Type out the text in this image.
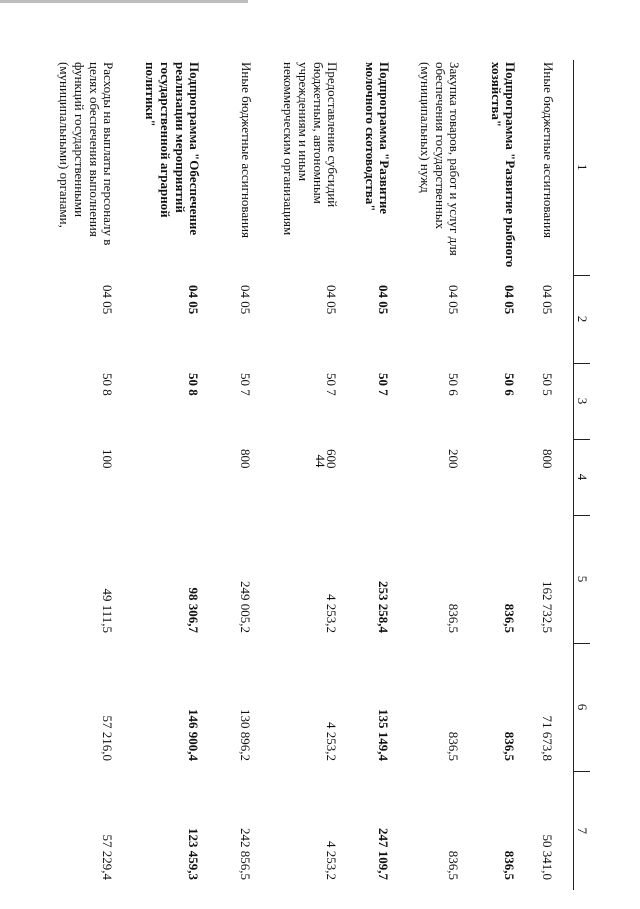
44
1	2	3	4	5	6	7
Иные бюджетные ассигнования	04 05	50 5	800	162 732,5	71 673,8	50 341,0
Подпрограмма "Развитие рыбного хозяйства"	04 05	50 6		836,5	836,5	836,5
Закупка товаров, работ и услуг для обеспечения государственных (муниципальных) нужд	04 05	50 6	200	836,5	836,5	836,5
Подпрограмма "Развитие молочного скотоводства"	04 05	50 7		253 258,4	135 149,4	247 109,7
Предоставление субсидий бюджетным, автономным учреждениям и иным некоммерческим организациям	04 05	50 7	600	4 253,2	4 253,2	4 253,2
Иные бюджетные ассигнования	04 05	50 7	800	249 005,2	130 896,2	242 856,5
Подпрограмма "Обеспечение реализации мероприятий государственной аграрной политики"	04 05	50 8		98 306,7	146 900,4	123 459,3
Расходы на выплаты персоналу в целях обеспечения выполнения функций государственными (муниципальными) органами,	04 05	50 8	100	49 111,5	57 216,0	57 229,4
